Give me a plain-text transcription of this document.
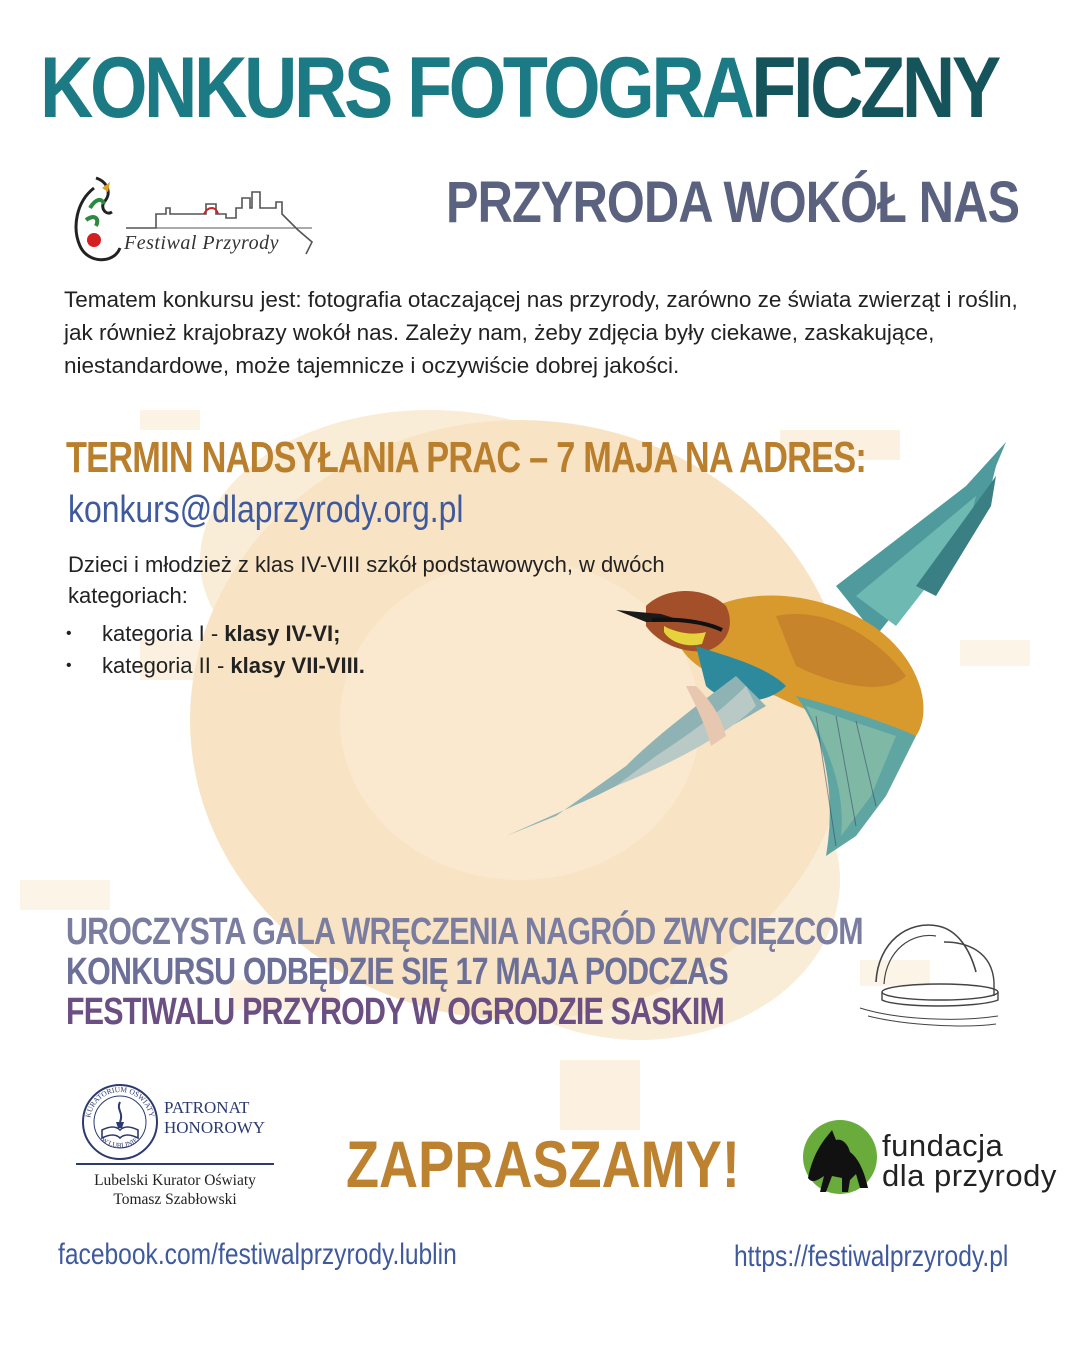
KONKURS FOTOGRAFICZNY
Festiwal Przyrody
PRZYRODA WOKÓŁ NAS
Tematem konkursu jest: fotografia otaczającej nas przyrody, zarówno ze świata zwierząt i roślin, jak również krajobrazy wokół nas. Zależy nam, żeby zdjęcia były ciekawe, zaskakujące, niestandardowe, może tajemnicze i oczywiście dobrej jakości.
TERMIN NADSYŁANIA PRAC – 7 MAJA NA ADRES:
konkurs@dlaprzyrody.org.pl
Dzieci i młodzież z klas IV-VIII szkół podstawowych, w dwóch kategoriach:
• kategoria I - klasy IV-VI;
• kategoria II - klasy VII-VIII.
UROCZYSTA GALA WRĘCZENIA NAGRÓD ZWYCIĘZCOM
KONKURSU ODBĘDZIE SIĘ 17 MAJA PODCZAS
FESTIWALU PRZYRODY W OGRODZIE SASKIM
KURATORIUM OŚWIATY
W LUBLINIE
PATRONAT
HONOROWY
Lubelski Kurator Oświaty
Tomasz Szabłowski	ZAPRASZAMY!	fundacja
dla przyrody
facebook.com/festiwalprzyrody.lublin	https://festiwalprzyrody.pl
